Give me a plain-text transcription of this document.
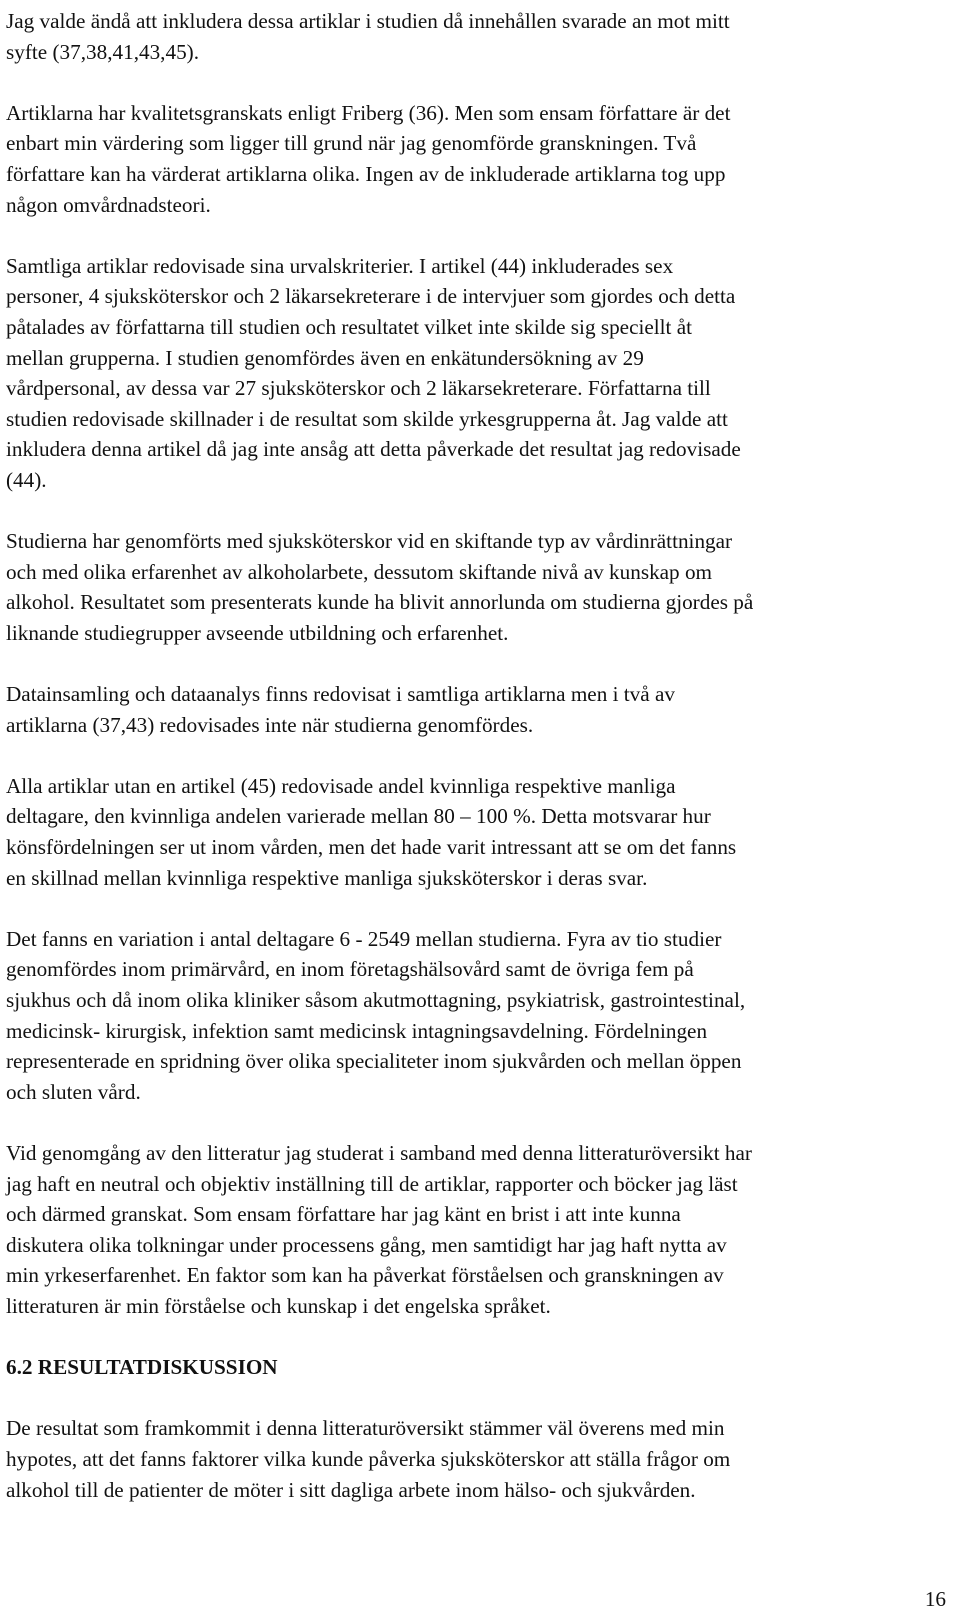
Jag valde ändå att inkludera dessa artiklar i studien då innehållen svarade an mot mitt
syfte (37,38,41,43,45).

Artiklarna har kvalitetsgranskats enligt Friberg (36). Men som ensam författare är det
enbart min värdering som ligger till grund när jag genomförde granskningen. Två
författare kan ha värderat artiklarna olika. Ingen av de inkluderade artiklarna tog upp
någon omvårdnadsteori.

Samtliga artiklar redovisade sina urvalskriterier. I artikel (44) inkluderades sex
personer, 4 sjuksköterskor och 2 läkarsekreterare i de intervjuer som gjordes och detta
påtalades av författarna till studien och resultatet vilket inte skilde sig speciellt åt
mellan grupperna. I studien genomfördes även en enkätundersökning av 29
vårdpersonal, av dessa var 27 sjuksköterskor och 2 läkarsekreterare. Författarna till
studien redovisade skillnader i de resultat som skilde yrkesgrupperna åt. Jag valde att
inkludera denna artikel då jag inte ansåg att detta påverkade det resultat jag redovisade
(44).

Studierna har genomförts med sjuksköterskor vid en skiftande typ av vårdinrättningar
och med olika erfarenhet av alkoholarbete, dessutom skiftande nivå av kunskap om
alkohol. Resultatet som presenterats kunde ha blivit annorlunda om studierna gjordes på
liknande studiegrupper avseende utbildning och erfarenhet.

Datainsamling och dataanalys finns redovisat i samtliga artiklarna men i två av
artiklarna (37,43) redovisades inte när studierna genomfördes.

Alla artiklar utan en artikel (45) redovisade andel kvinnliga respektive manliga
deltagare, den kvinnliga andelen varierade mellan 80 – 100 %. Detta motsvarar hur
könsfördelningen ser ut inom vården, men det hade varit intressant att se om det fanns
en skillnad mellan kvinnliga respektive manliga sjuksköterskor i deras svar.

Det fanns en variation i antal deltagare 6 - 2549 mellan studierna. Fyra av tio studier
genomfördes inom primärvård, en inom företagshälsovård samt de övriga fem på
sjukhus och då inom olika kliniker såsom akutmottagning, psykiatrisk, gastrointestinal,
medicinsk- kirurgisk, infektion samt medicinsk intagningsavdelning. Fördelningen
representerade en spridning över olika specialiteter inom sjukvården och mellan öppen
och sluten vård.

Vid genomgång av den litteratur jag studerat i samband med denna litteraturöversikt har
jag haft en neutral och objektiv inställning till de artiklar, rapporter och böcker jag läst
och därmed granskat. Som ensam författare har jag känt en brist i att inte kunna
diskutera olika tolkningar under processens gång, men samtidigt har jag haft nytta av
min yrkeserfarenhet. En faktor som kan ha påverkat förståelsen och granskningen av
litteraturen är min förståelse och kunskap i det engelska språket.

6.2 RESULTATDISKUSSION

De resultat som framkommit i denna litteraturöversikt stämmer väl överens med min
hypotes, att det fanns faktorer vilka kunde påverka sjuksköterskor att ställa frågor om
alkohol till de patienter de möter i sitt dagliga arbete inom hälso- och sjukvården.

16
